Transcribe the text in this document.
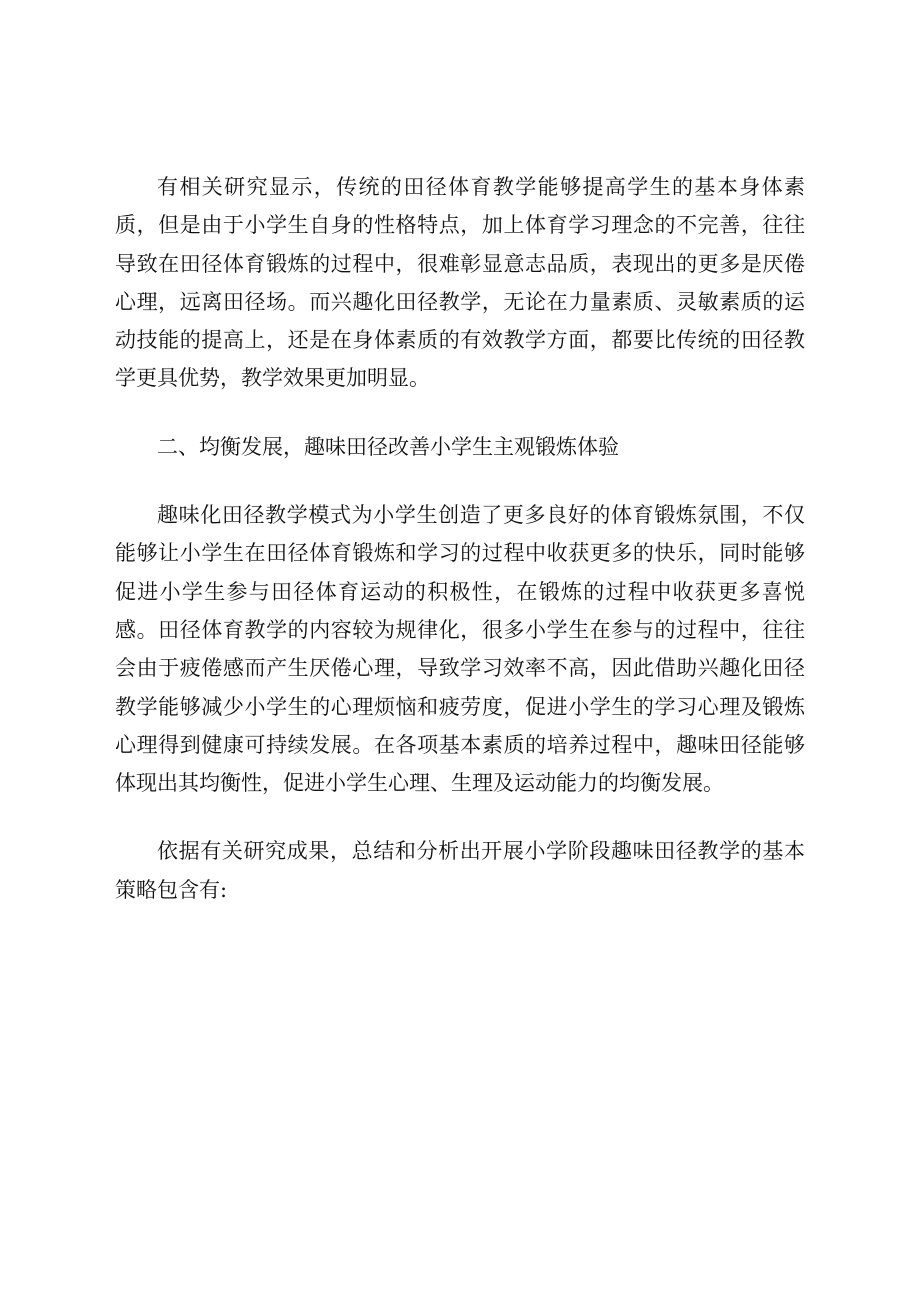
有相关研究显示，传统的田径体育教学能够提高学生的基本身体素质，但是由于小学生自身的性格特点，加上体育学习理念的不完善，往往导致在田径体育锻炼的过程中，很难彰显意志品质，表现出的更多是厌倦心理，远离田径场。而兴趣化田径教学，无论在力量素质、灵敏素质的运动技能的提高上，还是在身体素质的有效教学方面，都要比传统的田径教学更具优势，教学效果更加明显。

二、均衡发展，趣味田径改善小学生主观锻炼体验

趣味化田径教学模式为小学生创造了更多良好的体育锻炼氛围，不仅能够让小学生在田径体育锻炼和学习的过程中收获更多的快乐，同时能够促进小学生参与田径体育运动的积极性，在锻炼的过程中收获更多喜悦感。田径体育教学的内容较为规律化，很多小学生在参与的过程中，往往会由于疲倦感而产生厌倦心理，导致学习效率不高，因此借助兴趣化田径教学能够减少小学生的心理烦恼和疲劳度，促进小学生的学习心理及锻炼心理得到健康可持续发展。在各项基本素质的培养过程中，趣味田径能够体现出其均衡性，促进小学生心理、生理及运动能力的均衡发展。

依据有关研究成果，总结和分析出开展小学阶段趣味田径教学的基本策略包含有:
